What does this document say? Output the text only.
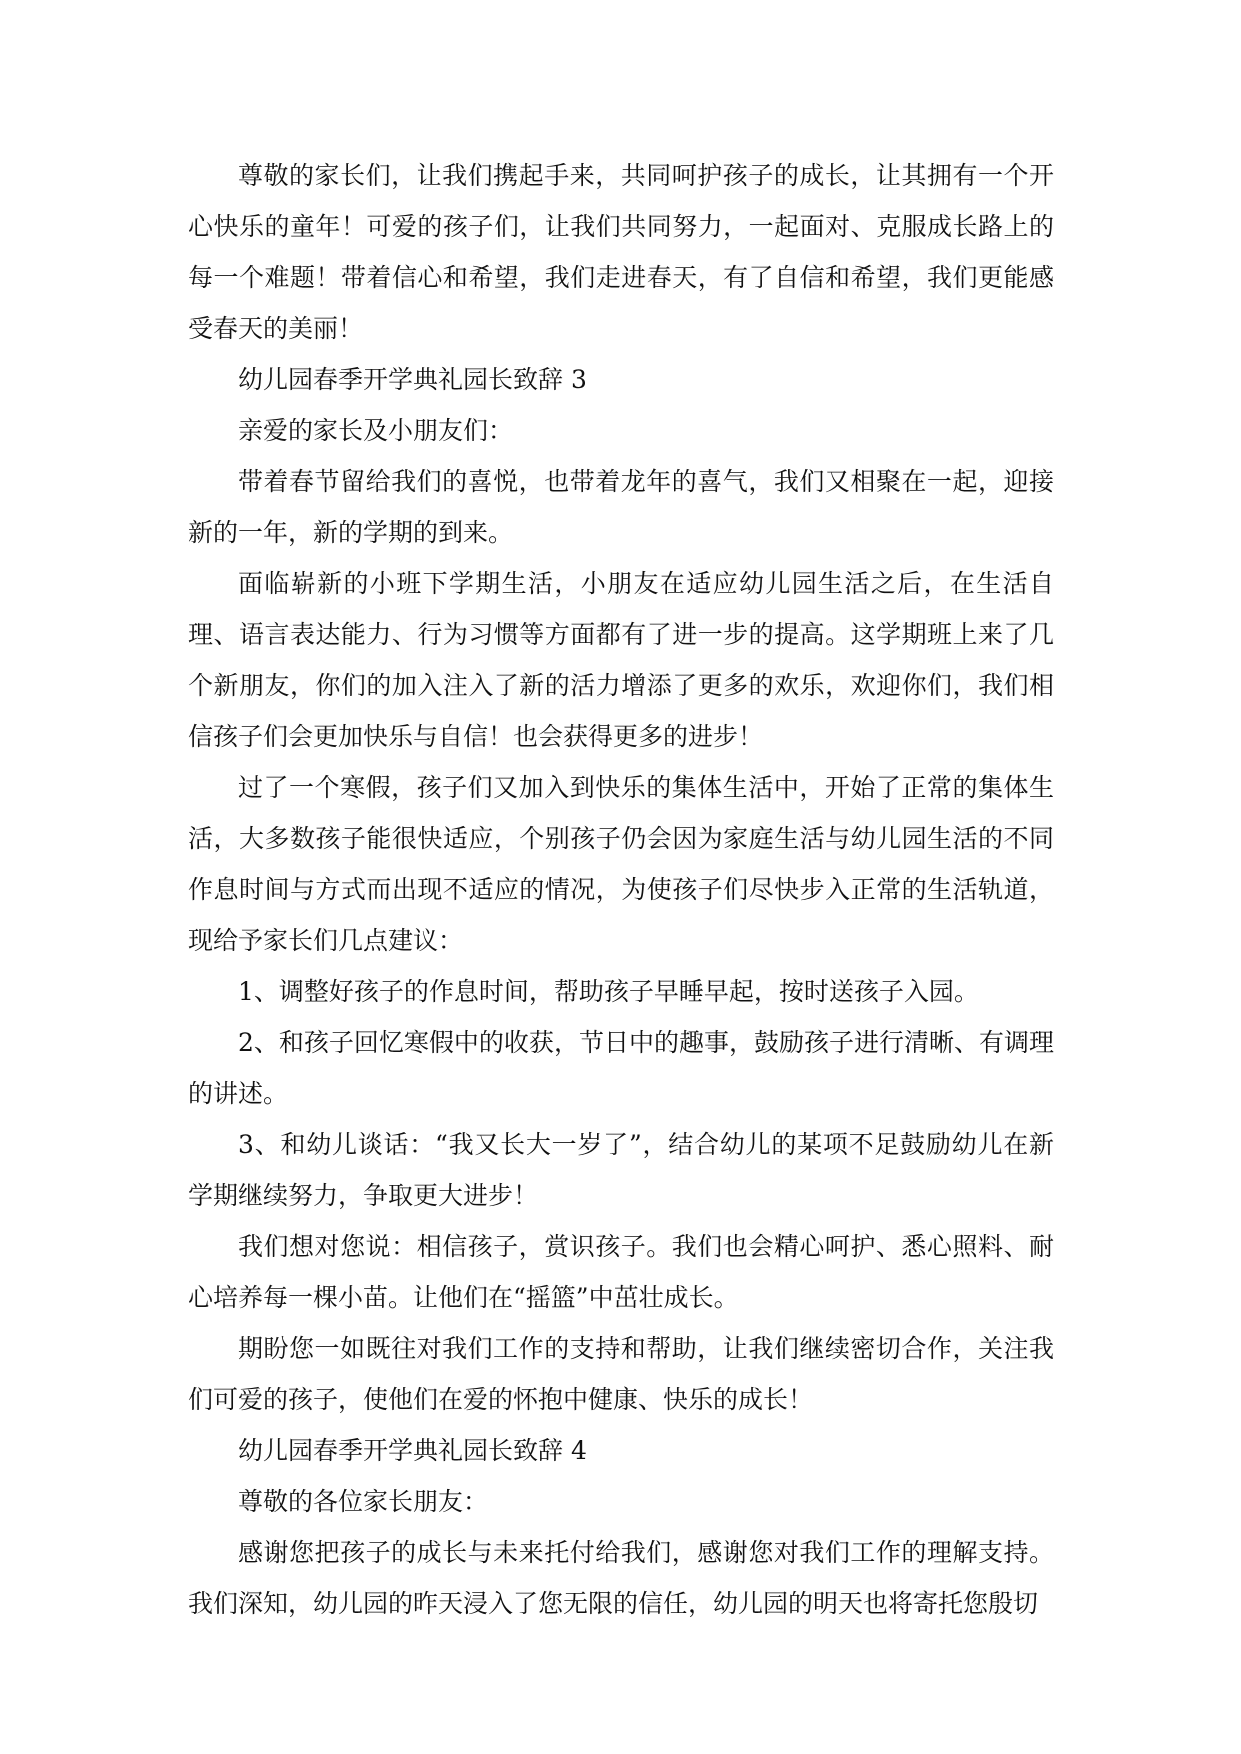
尊敬的家长们，让我们携起手来，共同呵护孩子的成长，让其拥有一个开心快乐的童年！可爱的孩子们，让我们共同努力，一起面对、克服成长路上的每一个难题！带着信心和希望，我们走进春天，有了自信和希望，我们更能感受春天的美丽！

幼儿园春季开学典礼园长致辞 3

亲爱的家长及小朋友们：

带着春节留给我们的喜悦，也带着龙年的喜气，我们又相聚在一起，迎接新的一年，新的学期的到来。

面临崭新的小班下学期生活，小朋友在适应幼儿园生活之后，在生活自理、语言表达能力、行为习惯等方面都有了进一步的提高。这学期班上来了几个新朋友，你们的加入注入了新的活力增添了更多的欢乐，欢迎你们，我们相信孩子们会更加快乐与自信！也会获得更多的进步！

过了一个寒假，孩子们又加入到快乐的集体生活中，开始了正常的集体生活，大多数孩子能很快适应，个别孩子仍会因为家庭生活与幼儿园生活的不同作息时间与方式而出现不适应的情况，为使孩子们尽快步入正常的生活轨道，现给予家长们几点建议：

1、调整好孩子的作息时间，帮助孩子早睡早起，按时送孩子入园。

2、和孩子回忆寒假中的收获，节日中的趣事，鼓励孩子进行清晰、有调理的讲述。

3、和幼儿谈话：“我又长大一岁了”，结合幼儿的某项不足鼓励幼儿在新学期继续努力，争取更大进步！

我们想对您说：相信孩子，赏识孩子。我们也会精心呵护、悉心照料、耐心培养每一棵小苗。让他们在“摇篮”中茁壮成长。

期盼您一如既往对我们工作的支持和帮助，让我们继续密切合作，关注我们可爱的孩子，使他们在爱的怀抱中健康、快乐的成长！

幼儿园春季开学典礼园长致辞 4

尊敬的各位家长朋友：

感谢您把孩子的成长与未来托付给我们，感谢您对我们工作的理解支持。我们深知，幼儿园的昨天浸入了您无限的信任，幼儿园的明天也将寄托您殷切
